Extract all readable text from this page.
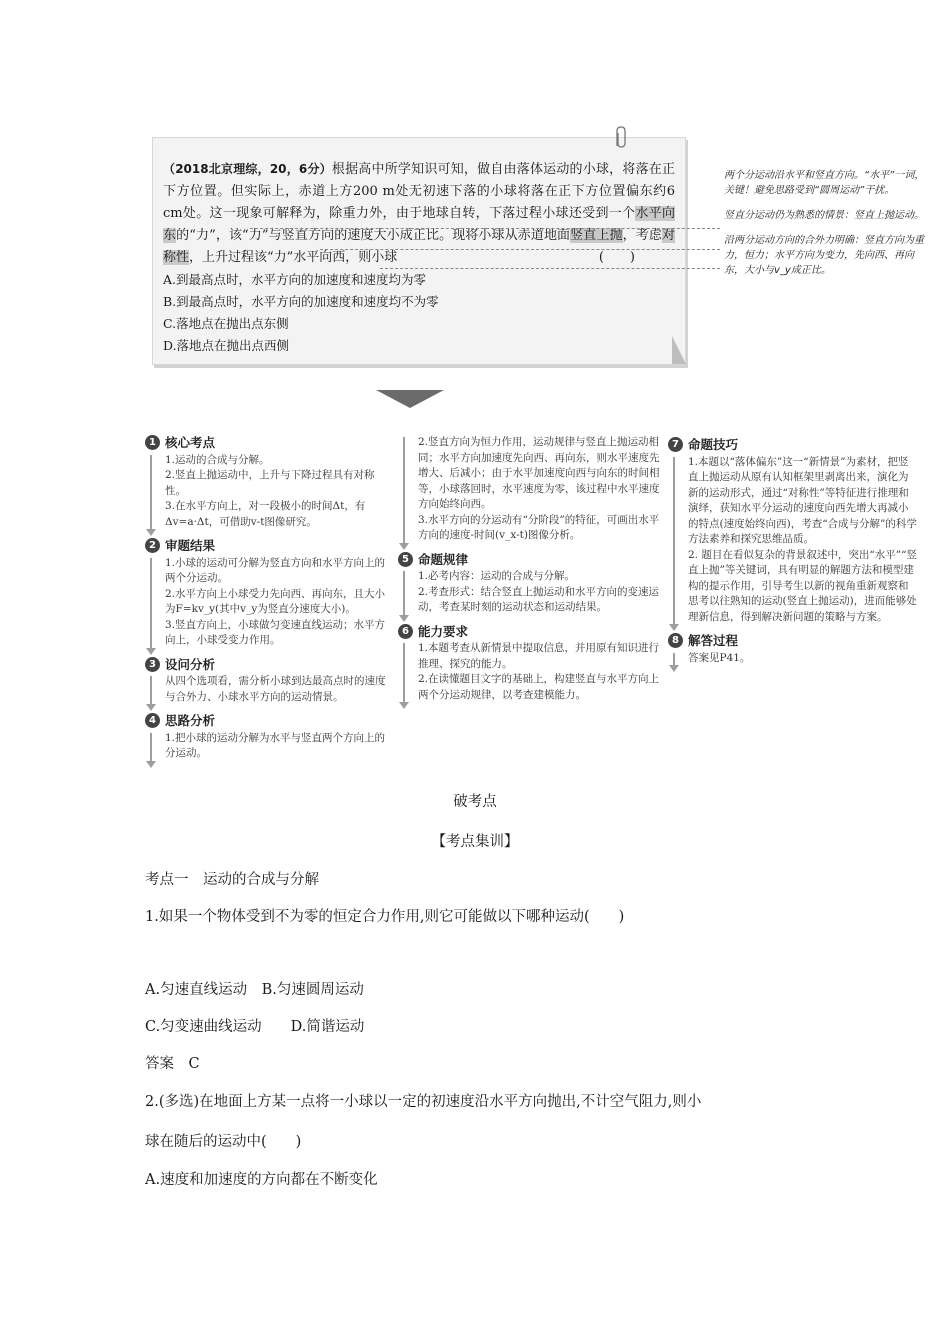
（2018北京理综，20，6分）根据高中所学知识可知，做自由落体运动的小球，将落在正下方位置。但实际上，赤道上方200 m处无初速下落的小球将落在正下方位置偏东约6 cm处。这一现象可解释为，除重力外，由于地球自转，下落过程小球还受到一个水平向东的“力”，该“力”与竖直方向的速度大小成正比。现将小球从赤道地面竖直上抛，考虑对称性，上升过程该“力”水平向西，则小球	(　　)

A.到最高点时，水平方向的加速度和速度均为零

B.到最高点时，水平方向的加速度和速度均不为零

C.落地点在抛出点东侧

D.落地点在抛出点西侧

两个分运动沿水平和竖直方向。“水平”一词，关键！避免思路受到“圆周运动”干扰。
竖直分运动仍为熟悉的情景：竖直上抛运动。
沿两分运动方向的合外力明确：竖直方向为重力，恒力；水平方向为变力，先向西、再向东，大小与v_y成正比。
1 核心考点

1.运动的合成与分解。

2.竖直上抛运动中，上升与下降过程具有对称性。

3.在水平方向上，对一段极小的时间Δt，有Δv=a·Δt，可借助v-t图像研究。

2 审题结果

1.小球的运动可分解为竖直方向和水平方向上的两个分运动。

2.水平方向上小球受力先向西、再向东，且大小为F=kv_y(其中v_y为竖直分速度大小)。

3.竖直方向上，小球做匀变速直线运动；水平方向上，小球受变力作用。

3 设问分析

从四个选项看，需分析小球到达最高点时的速度与合外力、小球水平方向的运动情景。

4 思路分析

1.把小球的运动分解为水平与竖直两个方向上的分运动。

2.竖直方向为恒力作用，运动规律与竖直上抛运动相同；水平方向加速度先向西、再向东，则水平速度先增大、后减小；由于水平加速度向西与向东的时间相等，小球落回时，水平速度为零，该过程中水平速度方向始终向西。

3.水平方向的分运动有“分阶段”的特征，可画出水平方向的速度-时间(v_x-t)图像分析。

5 命题规律

1.必考内容：运动的合成与分解。

2.考查形式：结合竖直上抛运动和水平方向的变速运动，考查某时刻的运动状态和运动结果。

6 能力要求

1.本题考查从新情景中提取信息，并用原有知识进行推理、探究的能力。

2.在读懂题目文字的基础上，构建竖直与水平方向上两个分运动规律，以考查建模能力。

7 命题技巧

1.本题以“落体偏东”这一“新情景”为素材，把竖直上抛运动从原有认知框架里剥离出来，演化为新的运动形式，通过“对称性”等特征进行推理和演绎，获知水平分运动的速度向西先增大再减小的特点(速度始终向西)，考查“合成与分解”的科学方法素养和探究思维品质。

2. 题目在看似复杂的背景叙述中，突出“水平”“竖直上抛”等关键词，具有明显的解题方法和模型建构的提示作用，引导考生以新的视角重新观察和思考以往熟知的运动(竖直上抛运动)，进而能够处理新信息，得到解决新问题的策略与方案。

8 解答过程

答案见P41。

破考点
【考点集训】
考点一　运动的合成与分解
1.如果一个物体受到不为零的恒定合力作用,则它可能做以下哪种运动(　　)
A.匀速直线运动　B.匀速圆周运动
C.匀变速曲线运动　　D.简谐运动
答案　C
2.(多选)在地面上方某一点将一小球以一定的初速度沿水平方向抛出,不计空气阻力,则小
球在随后的运动中(　　)
A.速度和加速度的方向都在不断变化
